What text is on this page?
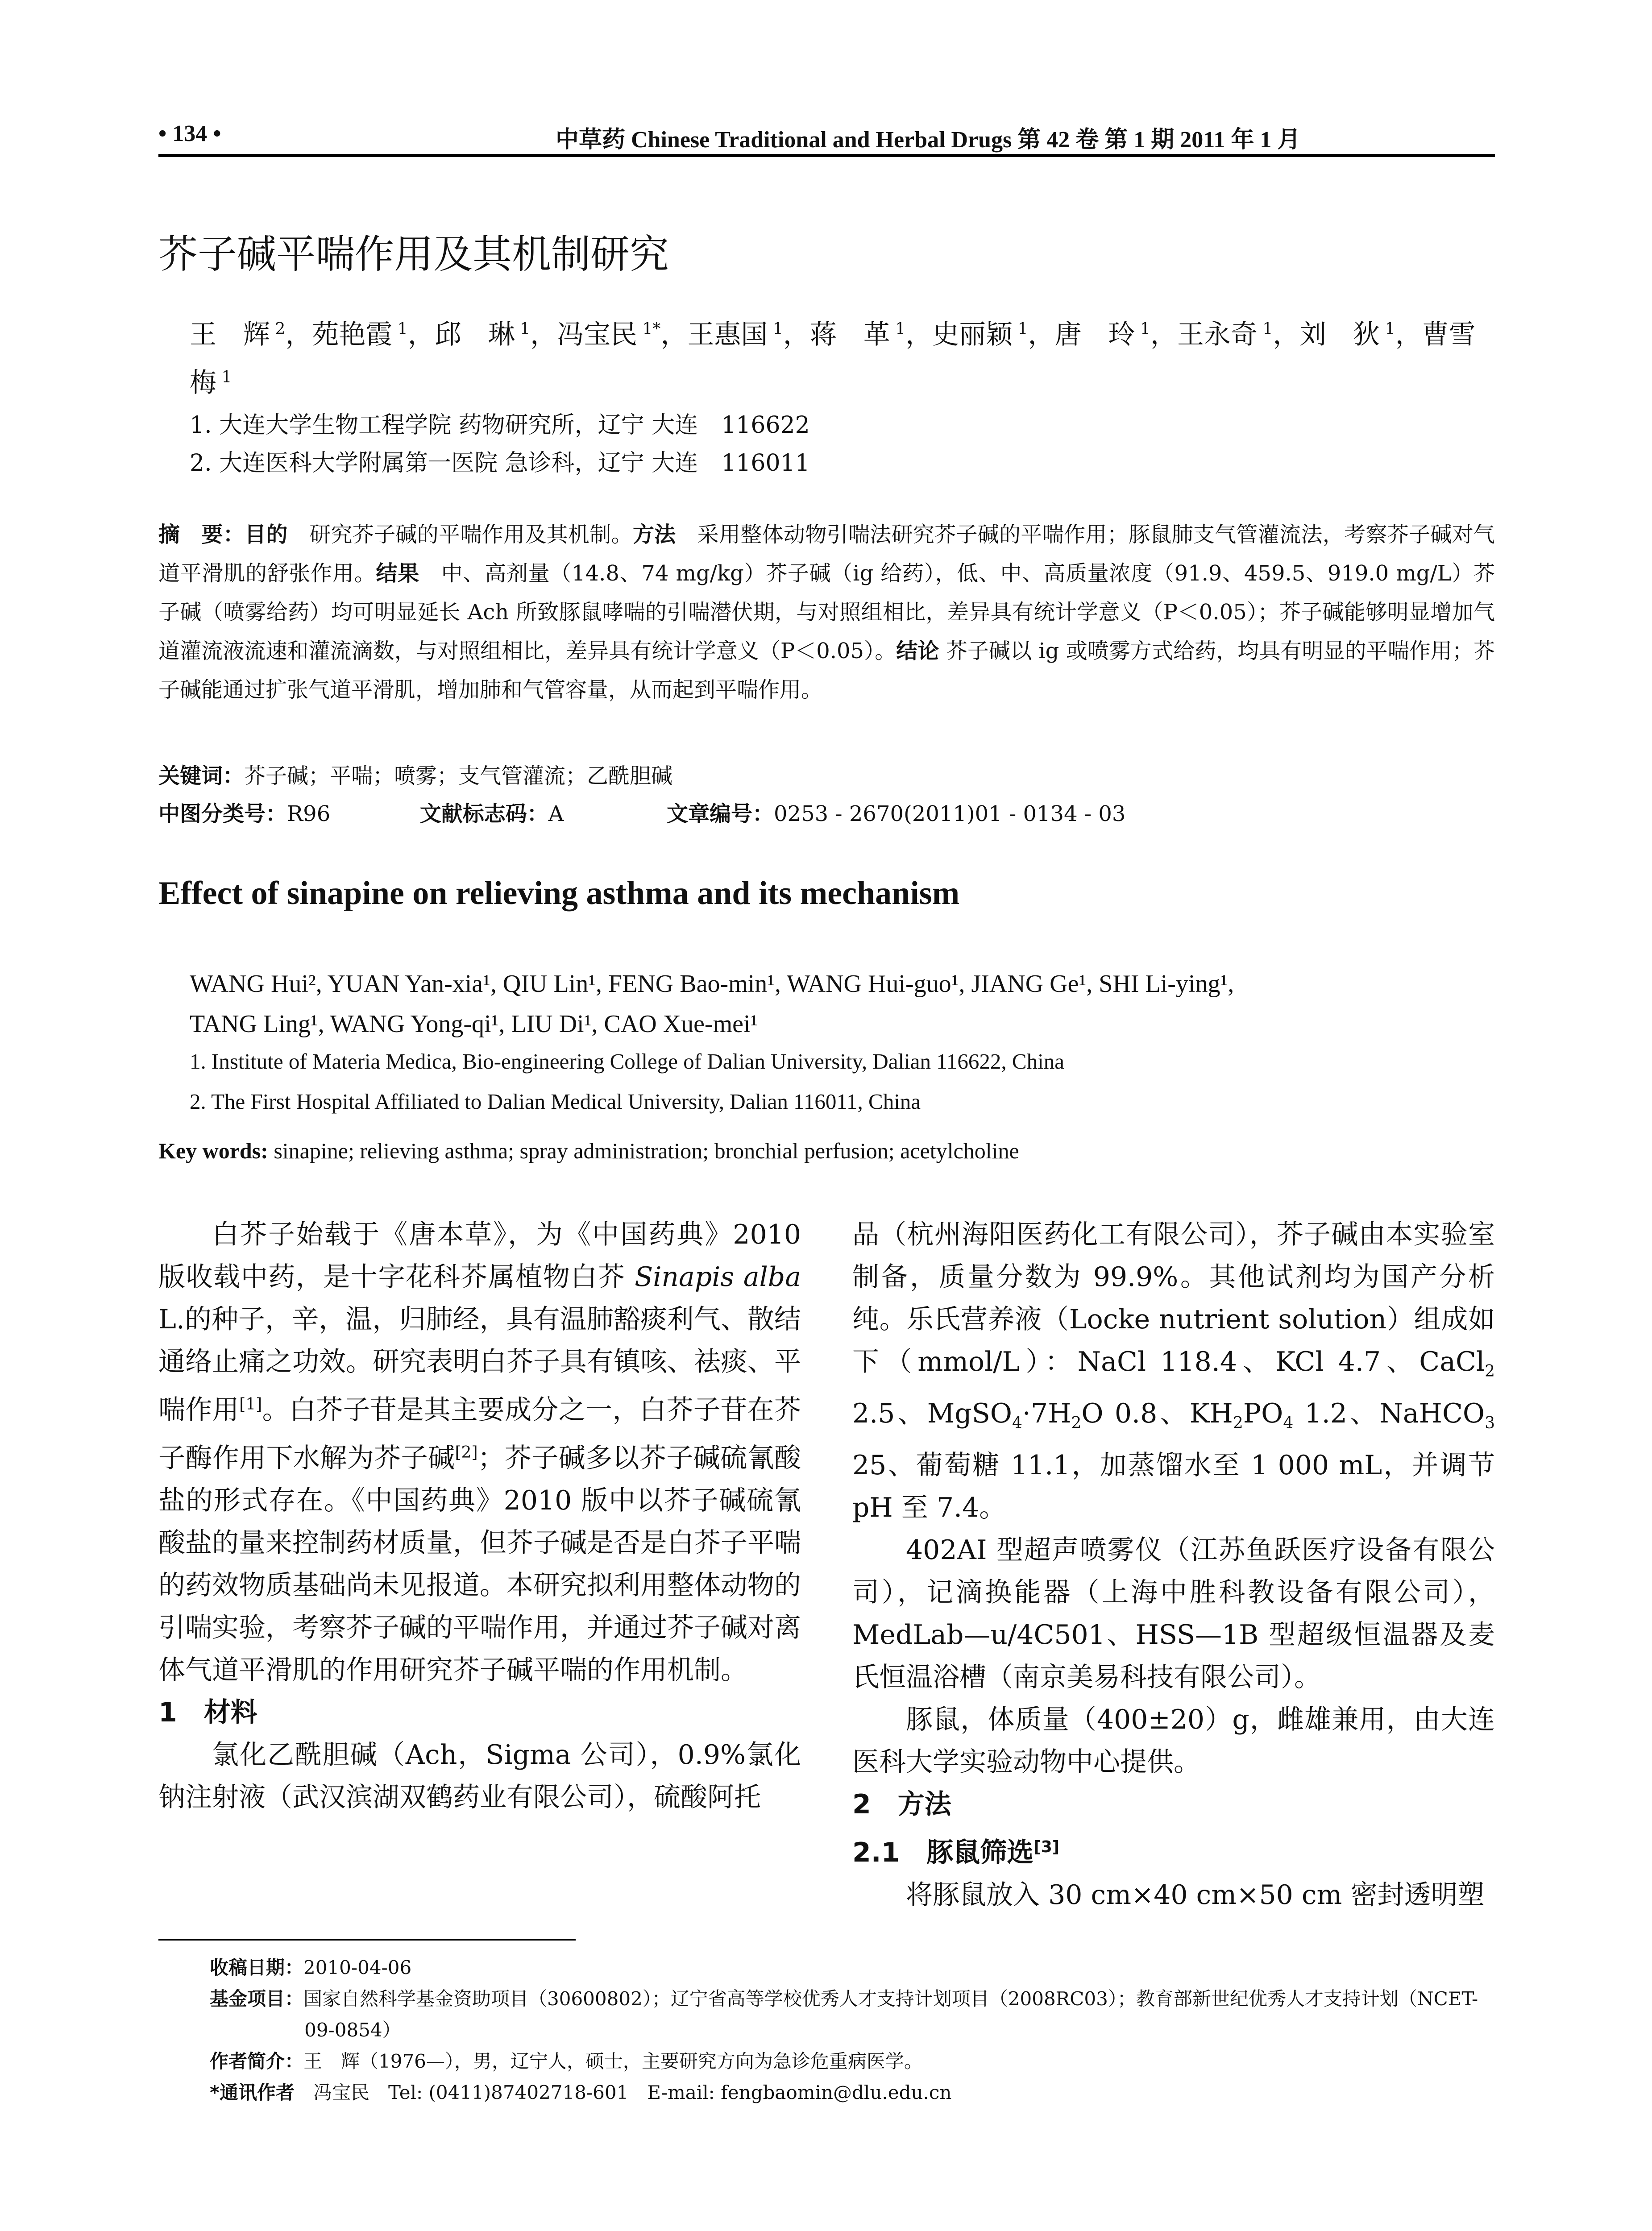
• 134 •	中草药 Chinese Traditional and Herbal Drugs 第 42 卷 第 1 期 2011 年 1 月
芥子碱平喘作用及其机制研究
王　辉 $^2$，苑艳霞 $^1$，邱　琳 $^1$，冯宝民 $^{1*}$，王惠国 $^1$，蒋　革 $^1$，史丽颖 $^1$，唐　玲 $^1$，王永奇 $^1$，刘　狄 $^1$，曹雪梅 $^1$
1. 大连大学生物工程学院 药物研究所，辽宁 大连　116622
2. 大连医科大学附属第一医院 急诊科，辽宁 大连　116011
摘　要：目的　 研究芥子碱的平喘作用及其机制。方法　 采用整体动物引喘法研究芥子碱的平喘作用；豚鼠肺支气管灌流法，考察芥子碱对气道平滑肌的舒张作用。结果　 中、高剂量（14.8、74 mg/kg）芥子碱（ig 给药），低、中、高质量浓度（91.9、459.5、919.0 mg/L）芥子碱（喷雾给药）均可明显延长 Ach 所致豚鼠哮喘的引喘潜伏期，与对照组相比，差异具有统计学意义（P＜0.05）；芥子碱能够明显增加气道灌流液流速和灌流滴数，与对照组相比，差异具有统计学意义（P＜0.05）。结论 芥子碱以 ig 或喷雾方式给药，均具有明显的平喘作用；芥子碱能通过扩张气道平滑肌，增加肺和气管容量，从而起到平喘作用。
关键词：芥子碱；平喘；喷雾；支气管灌流；乙酰胆碱
中图分类号：R96	文献标志码：A	文章编号：0253 - 2670(2011)01 - 0134 - 03
Effect of sinapine on relieving asthma and its mechanism
WANG Hui², YUAN Yan-xia¹, QIU Lin¹, FENG Bao-min¹, WANG Hui-guo¹, JIANG Ge¹, SHI Li-ying¹,
TANG Ling¹, WANG Yong-qi¹, LIU Di¹, CAO Xue-mei¹
1. Institute of Materia Medica, Bio-engineering College of Dalian University, Dalian 116622, China
2. The First Hospital Affiliated to Dalian Medical University, Dalian 116011, China
Key words: sinapine; relieving asthma; spray administration; bronchial perfusion; acetylcholine

白芥子始载于《唐本草》，为《中国药典》2010 版收载中药，是十字花科芥属植物白芥 Sinapis alba L.的种子，辛，温，归肺经，具有温肺豁痰利气、散结通络止痛之功效。研究表明白芥子具有镇咳、祛痰、平喘作用[1]。白芥子苷是其主要成分之一，白芥子苷在芥子酶作用下水解为芥子碱[2]；芥子碱多以芥子碱硫氰酸盐的形式存在。《中国药典》2010 版中以芥子碱硫氰酸盐的量来控制药材质量，但芥子碱是否是白芥子平喘的药效物质基础尚未见报道。本研究拟利用整体动物的引喘实验，考察芥子碱的平喘作用，并通过芥子碱对离体气道平滑肌的作用研究芥子碱平喘的作用机制。

1　材料

氯化乙酰胆碱（Ach，Sigma 公司），0.9%氯化钠注射液（武汉滨湖双鹤药业有限公司），硫酸阿托

品（杭州海阳医药化工有限公司），芥子碱由本实验室制备，质量分数为 99.9%。其他试剂均为国产分析纯。乐氏营养液（Locke nutrient solution）组成如下（mmol/L）：NaCl 118.4、KCl 4.7、CaCl$_2$ 2.5、$MgSO_4\cdot 7H_2O$ 0.8、$KH_2PO_4$ 1.2、NaHCO$_3$ 25、葡萄糖 11.1，加蒸馏水至 1 000 mL，并调节 pH 至 7.4。

402AI 型超声喷雾仪（江苏鱼跃医疗设备有限公司），记滴换能器（上海中胜科教设备有限公司），MedLab—u/4C501、HSS—1B 型超级恒温器及麦氏恒温浴槽（南京美易科技有限公司）。

豚鼠，体质量（400±20）g，雌雄兼用，由大连医科大学实验动物中心提供。

2　方法

2.1　豚鼠筛选[3]

将豚鼠放入 30 cm×40 cm×50 cm 密封透明塑

收稿日期：2010-04-06
基金项目：国家自然科学基金资助项目（30600802）；辽宁省高等学校优秀人才支持计划项目（2008RC03）；教育部新世纪优秀人才支持计划（NCET-09-0854）
作者简介：王　辉（1976—），男，辽宁人，硕士，主要研究方向为急诊危重病医学。
*通讯作者　 冯宝民　Tel: (0411)87402718-601　E-mail: fengbaomin@dlu.edu.cn
